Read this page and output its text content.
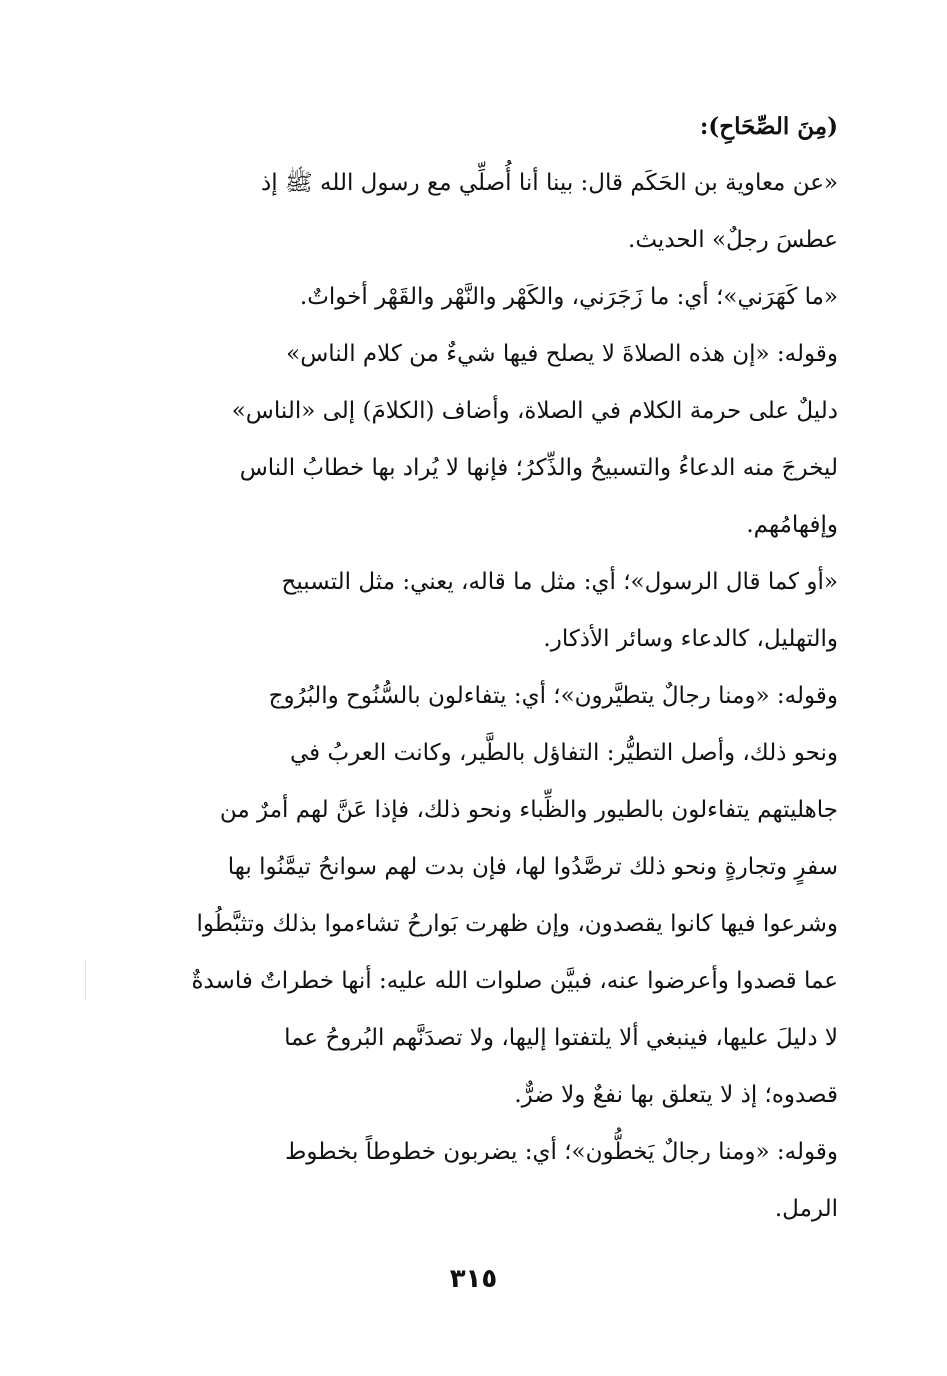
(مِنَ الصِّحَاحِ):
«عن معاوية بن الحَكَم قال: بينا أنا أُصلِّي مع رسول الله ﷺ إذ
عطسَ رجلٌ» الحديث.
«ما كَهَرَني»؛ أي: ما زَجَرَني، والكَهْر والنَّهْر والقَهْر أخواتٌ.
وقوله: «إن هذه الصلاةَ لا يصلح فيها شيءٌ من كلام الناس»
دليلٌ على حرمة الكلام في الصلاة، وأضاف (الكلامَ) إلى «الناس»
ليخرجَ منه الدعاءُ والتسبيحُ والذِّكرُ؛ فإنها لا يُراد بها خطابُ الناس
وإفهامُهم.
«أو كما قال الرسول»؛ أي: مثل ما قاله، يعني: مثل التسبيح
والتهليل، كالدعاء وسائر الأذكار.
وقوله: «ومنا رجالٌ يتطيَّرون»؛ أي: يتفاءلون بالسُّنُوح والبُرُوج
ونحو ذلك، وأصل التطيُّر: التفاؤل بالطَّير، وكانت العربُ في
جاهليتهم يتفاءلون بالطيور والظِّباء ونحو ذلك، فإذا عَنَّ لهم أمرٌ من
سفرٍ وتجارةٍ ونحو ذلك ترصَّدُوا لها، فإن بدت لهم سوانحُ تيمَّنُوا بها
وشرعوا فيها كانوا يقصدون، وإن ظهرت بَوارحُ تشاءموا بذلك وتثبَّطُوا
عما قصدوا وأعرضوا عنه، فبيَّن صلوات الله عليه: أنها خطراتٌ فاسدةٌ
لا دليلَ عليها، فينبغي ألا يلتفتوا إليها، ولا تصدَنَّهم البُروحُ عما
قصدوه؛ إذ لا يتعلق بها نفعٌ ولا ضرٌّ.
وقوله: «ومنا رجالٌ يَخطُّون»؛ أي: يضربون خطوطاً بخطوط
الرمل.
٣١٥
